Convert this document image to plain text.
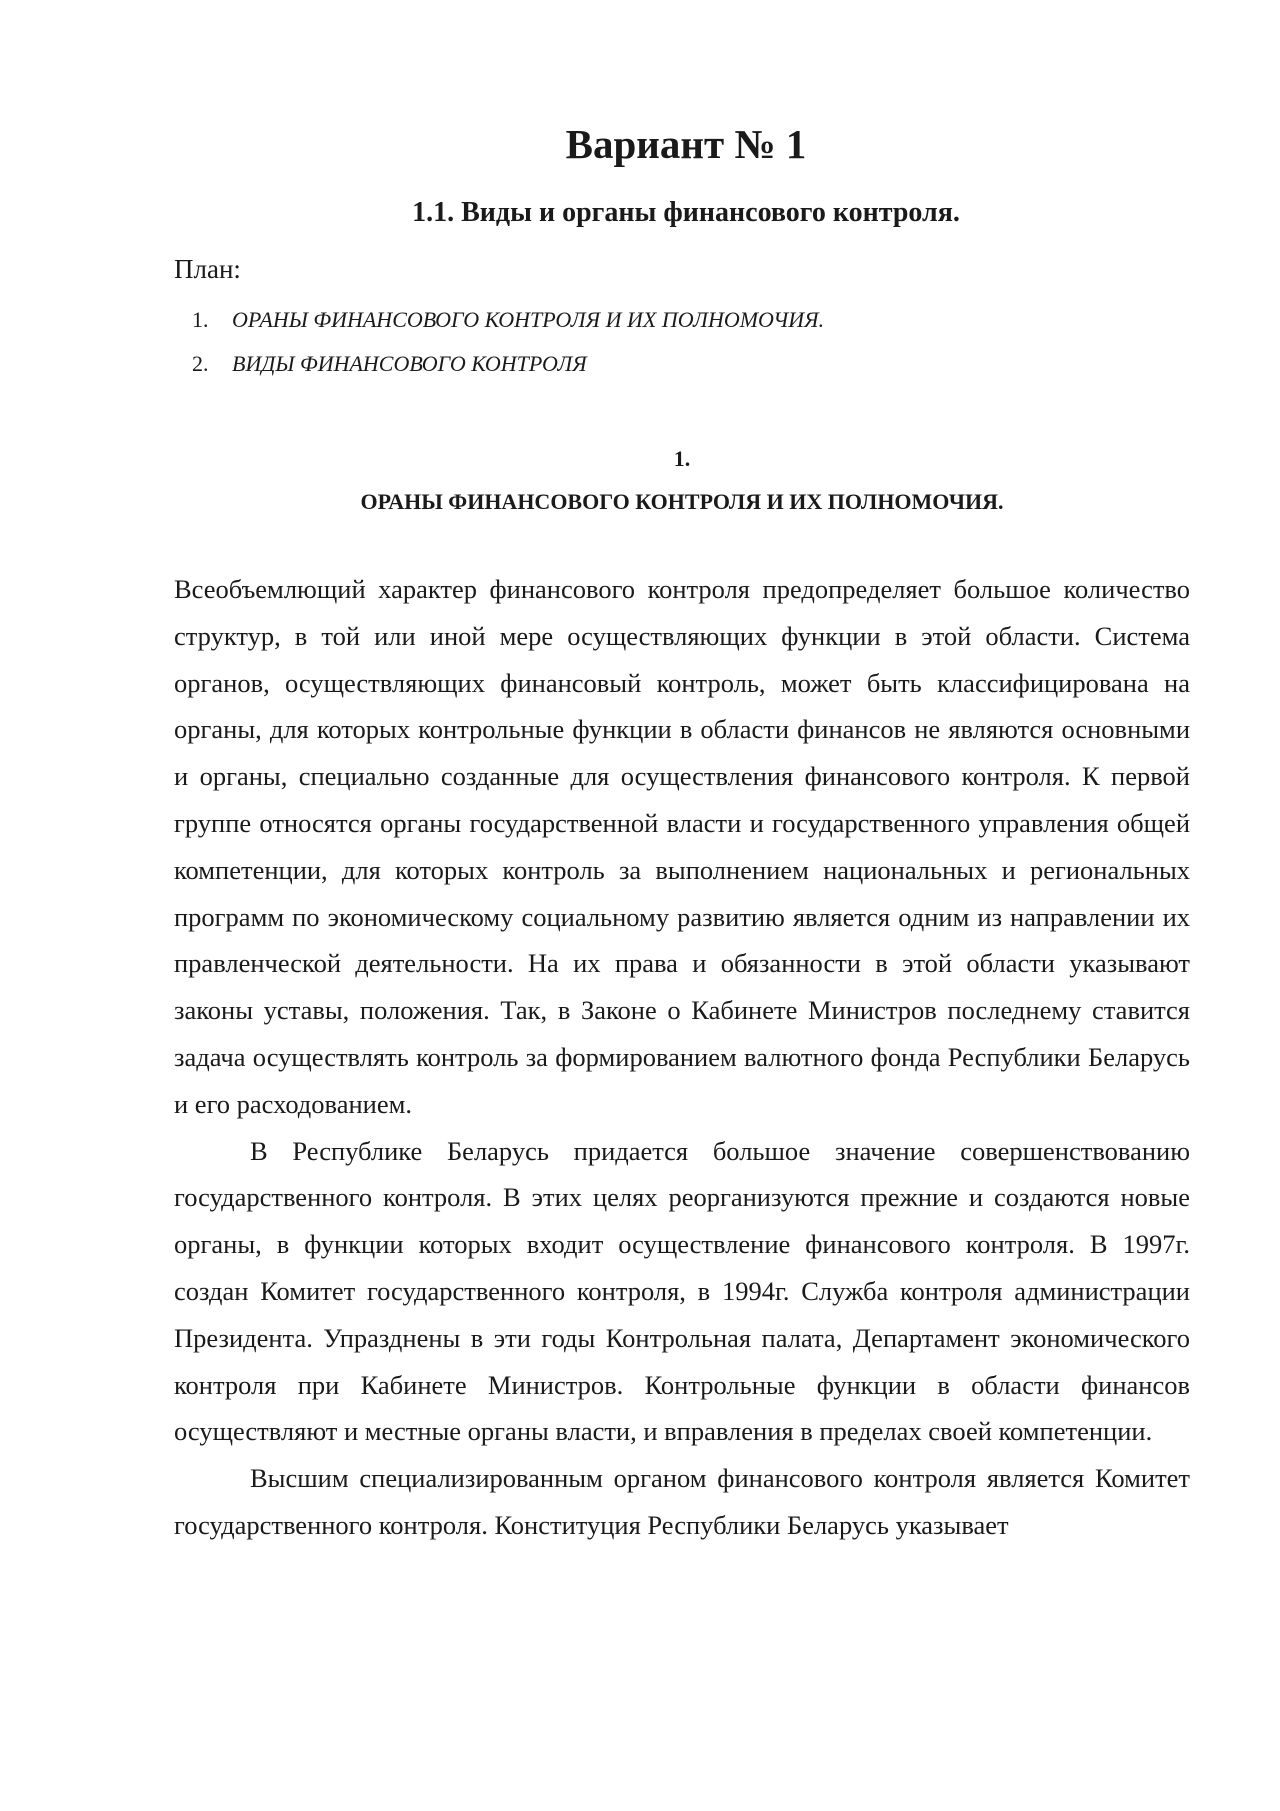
Вариант № 1
1.1. Виды и органы финансового контроля.

План:

1.	ОРАНЫ ФИНАНСОВОГО КОНТРОЛЯ И ИХ ПОЛНОМОЧИЯ.
2.	ВИДЫ ФИНАНСОВОГО КОНТРОЛЯ

1.

ОРАНЫ ФИНАНСОВОГО КОНТРОЛЯ И ИХ ПОЛНОМОЧИЯ.

Всеобъемлющий характер финансового контроля предопределяет большое количество структур, в той или иной мере осуществляющих функции в этой области. Система органов, осуществляющих финансовый контроль, может быть классифицирована на органы, для которых контрольные функции в области финансов не являются основными и органы, специально созданные для осуществления финансового контроля. К первой группе относятся органы государственной власти и государственного управления общей компетенции, для которых контроль за выполнением национальных и региональных программ по экономическому социальному развитию является одним из направлении их правленческой деятельности. На их права и обязанности в этой области указывают законы уставы, положения. Так, в Законе о Кабинете Министров последнему ставится задача осуществлять контроль за формированием валютного фонда Республики Беларусь и его расходованием.

В Республике Беларусь придается большое значение совершенствованию государственного контроля. В этих целях реорганизуются прежние и создаются новые органы, в функции которых входит осуществление финансового контроля. В 1997г. создан Комитет государственного контроля, в 1994г. Служба контроля администрации Президента. Упразднены в эти годы Контрольная палата, Департамент экономического контроля при Кабинете Министров. Контрольные функции в области финансов осуществляют и местные органы власти, и вправления в пределах своей компетенции.

Высшим специализированным органом финансового контроля является Комитет государственного контроля. Конституция Республики Беларусь указывает
